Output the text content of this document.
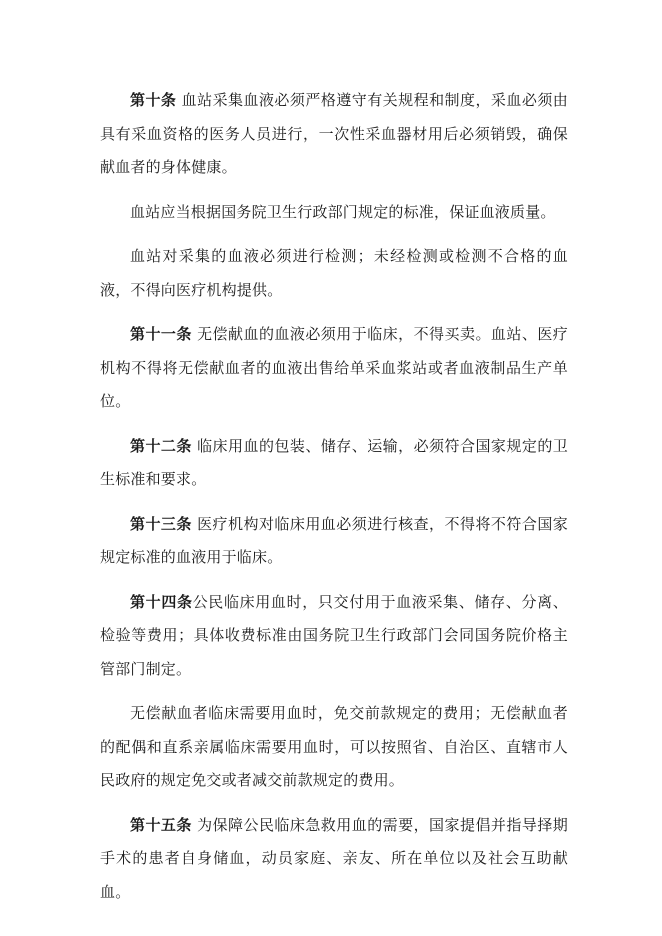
第十条 血站采集血液必须严格遵守有关规程和制度，采血必须由具有采血资格的医务人员进行，一次性采血器材用后必须销毁，确保献血者的身体健康。

血站应当根据国务院卫生行政部门规定的标准，保证血液质量。

血站对采集的血液必须进行检测；未经检测或检测不合格的血液，不得向医疗机构提供。

第十一条 无偿献血的血液必须用于临床，不得买卖。血站、医疗机构不得将无偿献血者的血液出售给单采血浆站或者血液制品生产单位。

第十二条 临床用血的包装、储存、运输，必须符合国家规定的卫生标准和要求。

第十三条 医疗机构对临床用血必须进行核查，不得将不符合国家规定标准的血液用于临床。

第十四条公民临床用血时，只交付用于血液采集、储存、分离、检验等费用；具体收费标准由国务院卫生行政部门会同国务院价格主管部门制定。

无偿献血者临床需要用血时，免交前款规定的费用；无偿献血者的配偶和直系亲属临床需要用血时，可以按照省、自治区、直辖市人民政府的规定免交或者减交前款规定的费用。

第十五条 为保障公民临床急救用血的需要，国家提倡并指导择期手术的患者自身储血，动员家庭、亲友、所在单位以及社会互助献血。
